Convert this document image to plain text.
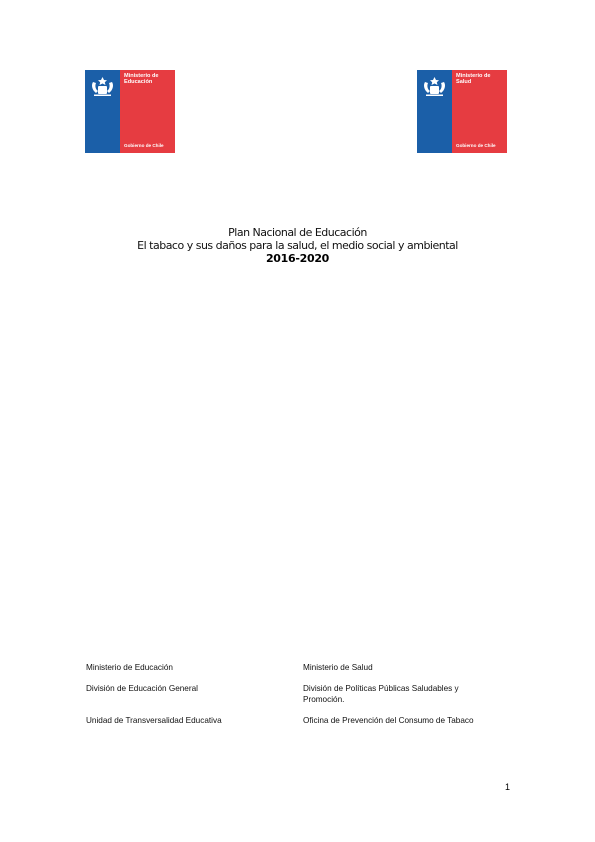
Ministerio de
Educación
Gobierno de Chile
Ministerio de
Salud
Gobierno de Chile
Plan Nacional de Educación
El tabaco y sus daños para la salud, el medio social y ambiental
2016-2020
Ministerio de Educación
División de Educación General
Unidad de Transversalidad Educativa
Ministerio de Salud
División de Políticas Públicas Saludables y Promoción.
Oficina de Prevención del Consumo de Tabaco
1
